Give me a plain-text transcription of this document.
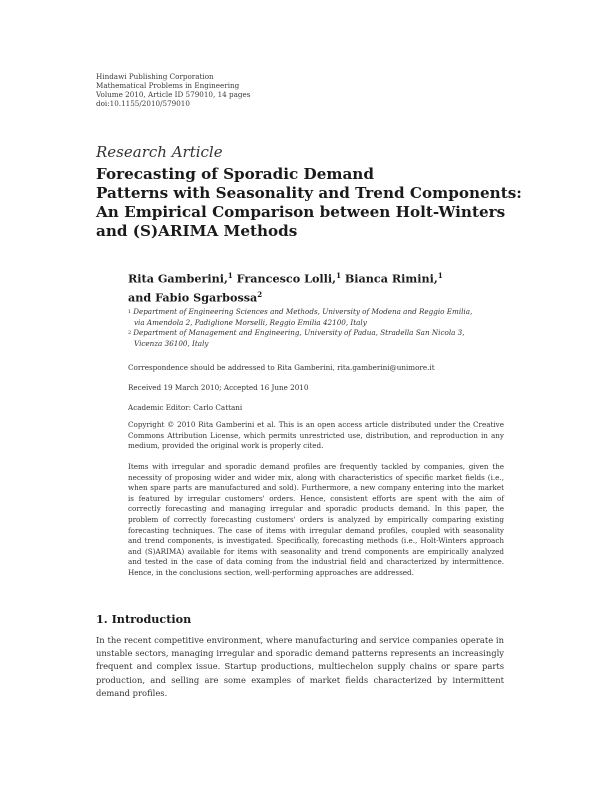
Hindawi Publishing Corporation
Mathematical Problems in Engineering
Volume 2010, Article ID 579010, 14 pages
doi:10.1155/2010/579010
Research Article
Forecasting of Sporadic Demand
Patterns with Seasonality and Trend Components:
An Empirical Comparison between Holt-Winters
and (S)ARIMA Methods
Rita Gamberini,$^1$ Francesco Lolli,$^1$ Bianca Rimini,$^1$
and Fabio Sgarbossa$^2$
$^1$ Department of Engineering Sciences and Methods, University of Modena and Reggio Emilia,
via Amendola 2, Padiglione Morselli, Reggio Emilia 42100, Italy
$^2$ Department of Management and Engineering, University of Padua, Stradella San Nicola 3,
Vicenza 36100, Italy
Correspondence should be addressed to Rita Gamberini, rita.gamberini@unimore.it
Received 19 March 2010; Accepted 16 June 2010
Academic Editor: Carlo Cattani
Copyright © 2010 Rita Gamberini et al. This is an open access article distributed under the Creative Commons Attribution License, which permits unrestricted use, distribution, and reproduction in any medium, provided the original work is properly cited.
Items with irregular and sporadic demand profiles are frequently tackled by companies, given the necessity of proposing wider and wider mix, along with characteristics of specific market fields (i.e., when spare parts are manufactured and sold). Furthermore, a new company entering into the market is featured by irregular customers' orders. Hence, consistent efforts are spent with the aim of correctly forecasting and managing irregular and sporadic products demand. In this paper, the problem of correctly forecasting customers' orders is analyzed by empirically comparing existing forecasting techniques. The case of items with irregular demand profiles, coupled with seasonality and trend components, is investigated. Specifically, forecasting methods (i.e., Holt-Winters approach and (S)ARIMA) available for items with seasonality and trend components are empirically analyzed and tested in the case of data coming from the industrial field and characterized by intermittence. Hence, in the conclusions section, well-performing approaches are addressed.
1. Introduction
In the recent competitive environment, where manufacturing and service companies operate in unstable sectors, managing irregular and sporadic demand patterns represents an increasingly frequent and complex issue. Startup productions, multiechelon supply chains or spare parts production, and selling are some examples of market fields characterized by intermittent demand profiles.
